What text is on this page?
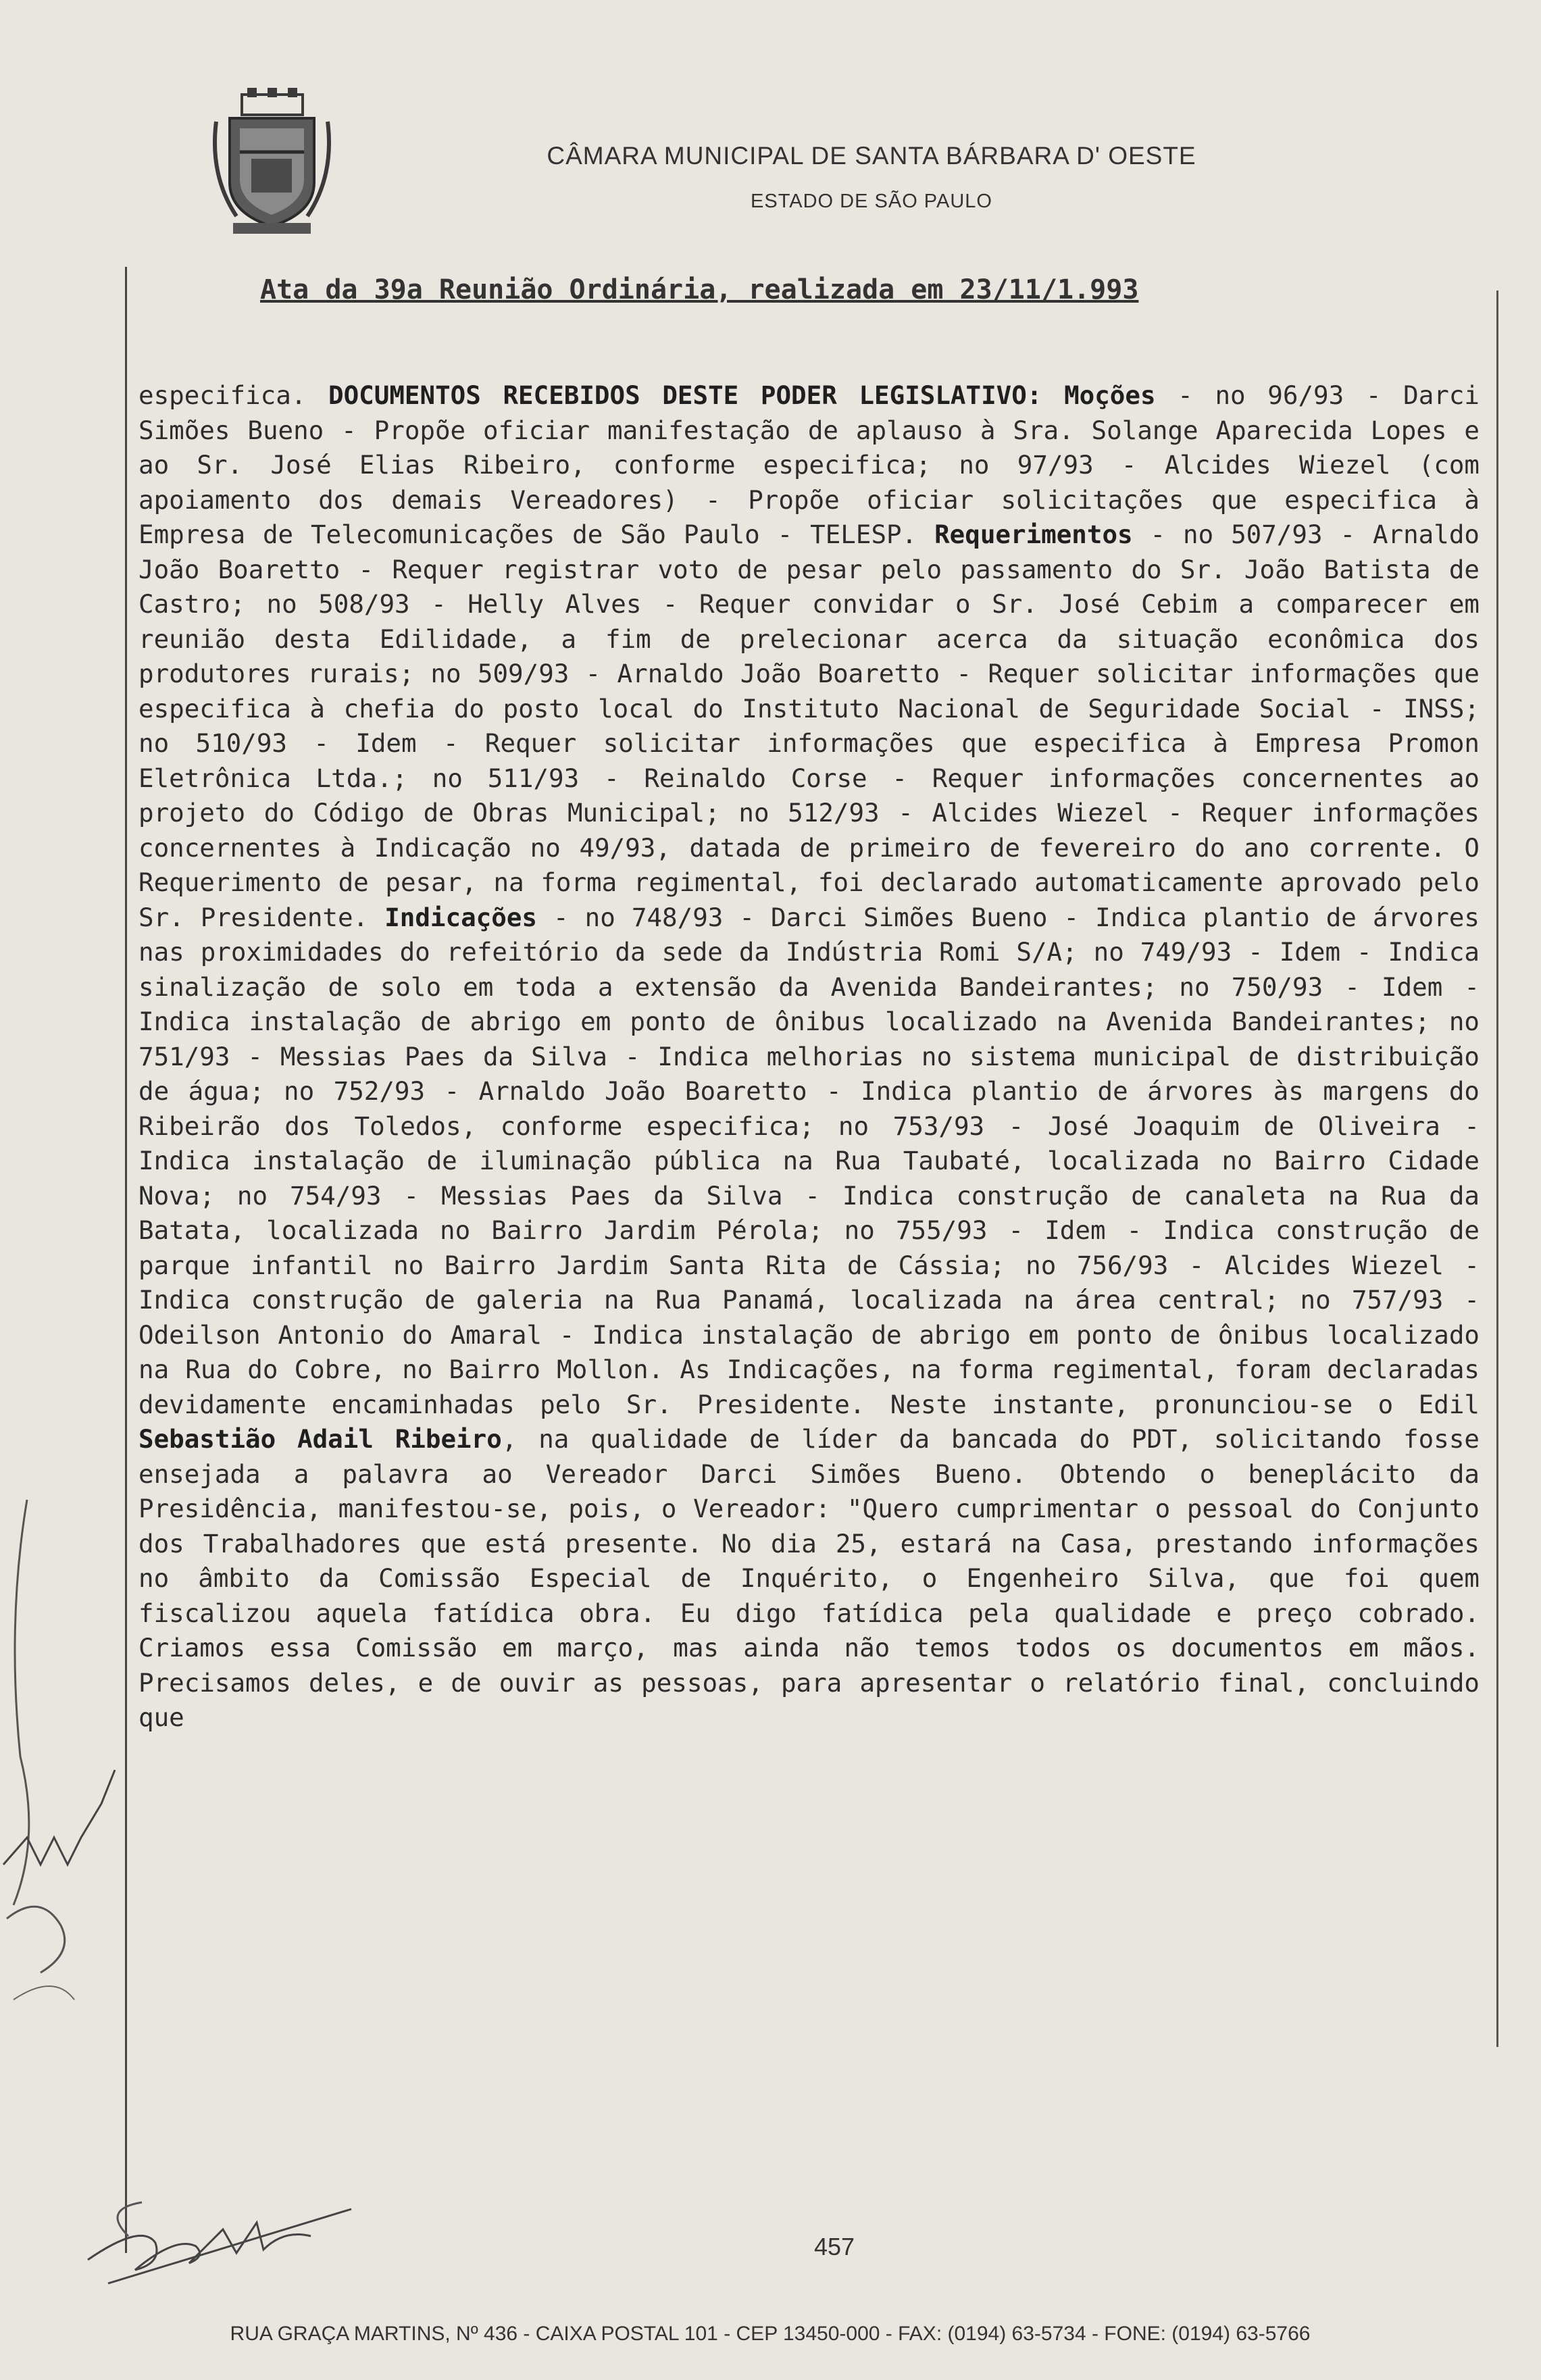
CÂMARA MUNICIPAL DE SANTA BÁRBARA D' OESTE
ESTADO DE SÃO PAULO
Ata da 39a Reunião Ordinária, realizada em 23/11/1.993

especifica. DOCUMENTOS RECEBIDOS DESTE PODER LEGISLATIVO: Moções - no 96/93 - Darci Simões Bueno - Propõe oficiar manifestação de aplauso à Sra. Solange Aparecida Lopes e ao Sr. José Elias Ribeiro, conforme especifica; no 97/93 - Alcides Wiezel (com apoiamento dos demais Vereadores) - Propõe oficiar solicitações que especifica à Empresa de Telecomunicações de São Paulo - TELESP. Requerimentos - no 507/93 - Arnaldo João Boaretto - Requer registrar voto de pesar pelo passamento do Sr. João Batista de Castro; no 508/93 - Helly Alves - Requer convidar o Sr. José Cebim a comparecer em reunião desta Edilidade, a fim de prelecionar acerca da situação econômica dos produtores rurais; no 509/93 - Arnaldo João Boaretto - Requer solicitar informações que especifica à chefia do posto local do Instituto Nacional de Seguridade Social - INSS; no 510/93 - Idem - Requer solicitar informações que especifica à Empresa Promon Eletrônica Ltda.; no 511/93 - Reinaldo Corse - Requer informações concernentes ao projeto do Código de Obras Municipal; no 512/93 - Alcides Wiezel - Requer informações concernentes à Indicação no 49/93, datada de primeiro de fevereiro do ano corrente. O Requerimento de pesar, na forma regimental, foi declarado automaticamente aprovado pelo Sr. Presidente. Indicações - no 748/93 - Darci Simões Bueno - Indica plantio de árvores nas proximidades do refeitório da sede da Indústria Romi S/A; no 749/93 - Idem - Indica sinalização de solo em toda a extensão da Avenida Bandeirantes; no 750/93 - Idem - Indica instalação de abrigo em ponto de ônibus localizado na Avenida Bandeirantes; no 751/93 - Messias Paes da Silva - Indica melhorias no sistema municipal de distribuição de água; no 752/93 - Arnaldo João Boaretto - Indica plantio de árvores às margens do Ribeirão dos Toledos, conforme especifica; no 753/93 - José Joaquim de Oliveira - Indica instalação de iluminação pública na Rua Taubaté, localizada no Bairro Cidade Nova; no 754/93 - Messias Paes da Silva - Indica construção de canaleta na Rua da Batata, localizada no Bairro Jardim Pérola; no 755/93 - Idem - Indica construção de parque infantil no Bairro Jardim Santa Rita de Cássia; no 756/93 - Alcides Wiezel - Indica construção de galeria na Rua Panamá, localizada na área central; no 757/93 - Odeilson Antonio do Amaral - Indica instalação de abrigo em ponto de ônibus localizado na Rua do Cobre, no Bairro Mollon. As Indicações, na forma regimental, foram declaradas devidamente encaminhadas pelo Sr. Presidente. Neste instante, pronunciou-se o Edil Sebastião Adail Ribeiro, na qualidade de líder da bancada do PDT, solicitando fosse ensejada a palavra ao Vereador Darci Simões Bueno. Obtendo o beneplácito da Presidência, manifestou-se, pois, o Vereador: "Quero cumprimentar o pessoal do Conjunto dos Trabalhadores que está presente. No dia 25, estará na Casa, prestando informações no âmbito da Comissão Especial de Inquérito, o Engenheiro Silva, que foi quem fiscalizou aquela fatídica obra. Eu digo fatídica pela qualidade e preço cobrado. Criamos essa Comissão em março, mas ainda não temos todos os documentos em mãos. Precisamos deles, e de ouvir as pessoas, para apresentar o relatório final, concluindo que

457
RUA GRAÇA MARTINS, Nº 436 - CAIXA POSTAL 101 - CEP 13450-000 - FAX: (0194) 63-5734 - FONE: (0194) 63-5766
